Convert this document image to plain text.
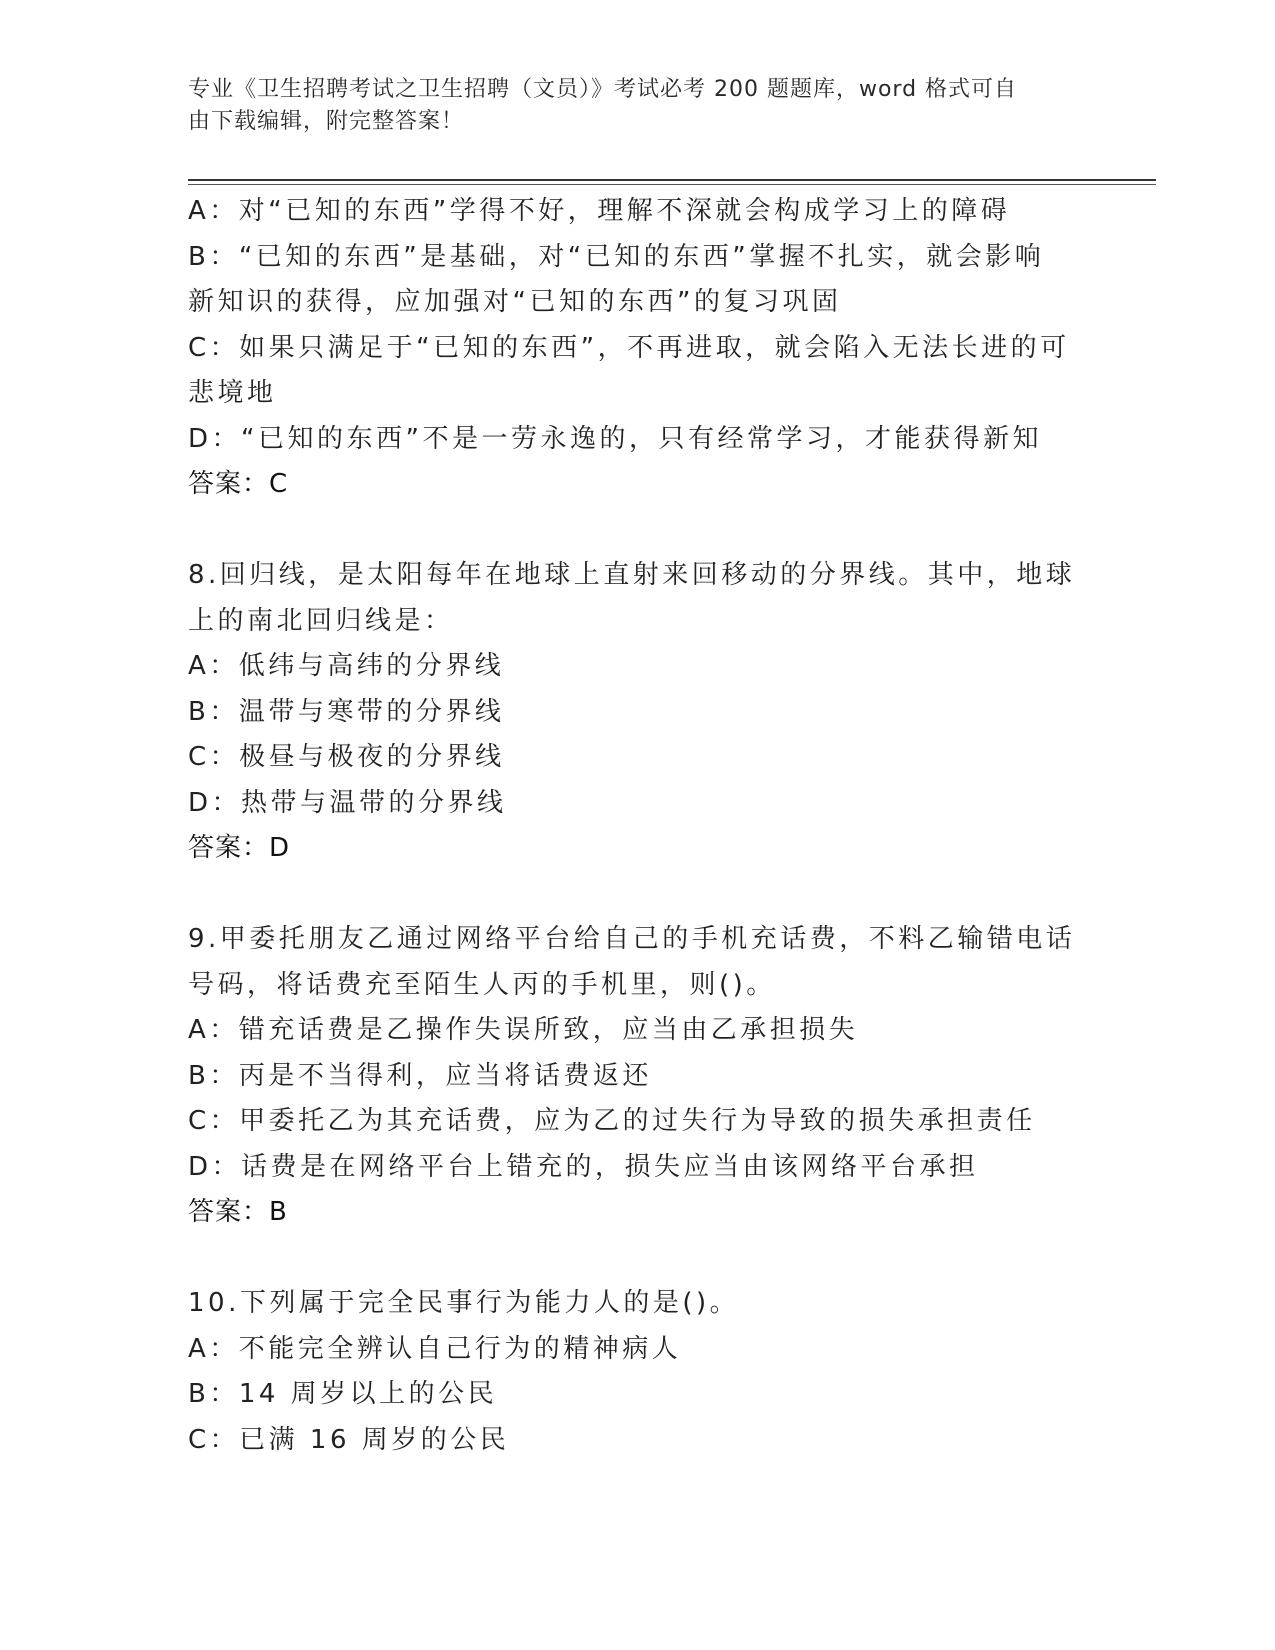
专业《卫生招聘考试之卫生招聘（文员）》考试必考 200 题题库，word 格式可自
由下载编辑，附完整答案！
A：对“已知的东西”学得不好，理解不深就会构成学习上的障碍
B：“已知的东西”是基础，对“已知的东西”掌握不扎实，就会影响
新知识的获得，应加强对“已知的东西”的复习巩固
C：如果只满足于“已知的东西”，不再进取，就会陷入无法长进的可
悲境地
D：“已知的东西”不是一劳永逸的，只有经常学习，才能获得新知
答案：C
8.回归线，是太阳每年在地球上直射来回移动的分界线。其中，地球
上的南北回归线是：
A：低纬与高纬的分界线
B：温带与寒带的分界线
C：极昼与极夜的分界线
D：热带与温带的分界线
答案：D
9.甲委托朋友乙通过网络平台给自己的手机充话费，不料乙输错电话
号码，将话费充至陌生人丙的手机里，则()。
A：错充话费是乙操作失误所致，应当由乙承担损失
B：丙是不当得利，应当将话费返还
C：甲委托乙为其充话费，应为乙的过失行为导致的损失承担责任
D：话费是在网络平台上错充的，损失应当由该网络平台承担
答案：B
10.下列属于完全民事行为能力人的是()。
A：不能完全辨认自己行为的精神病人
B：14 周岁以上的公民
C：已满 16 周岁的公民
